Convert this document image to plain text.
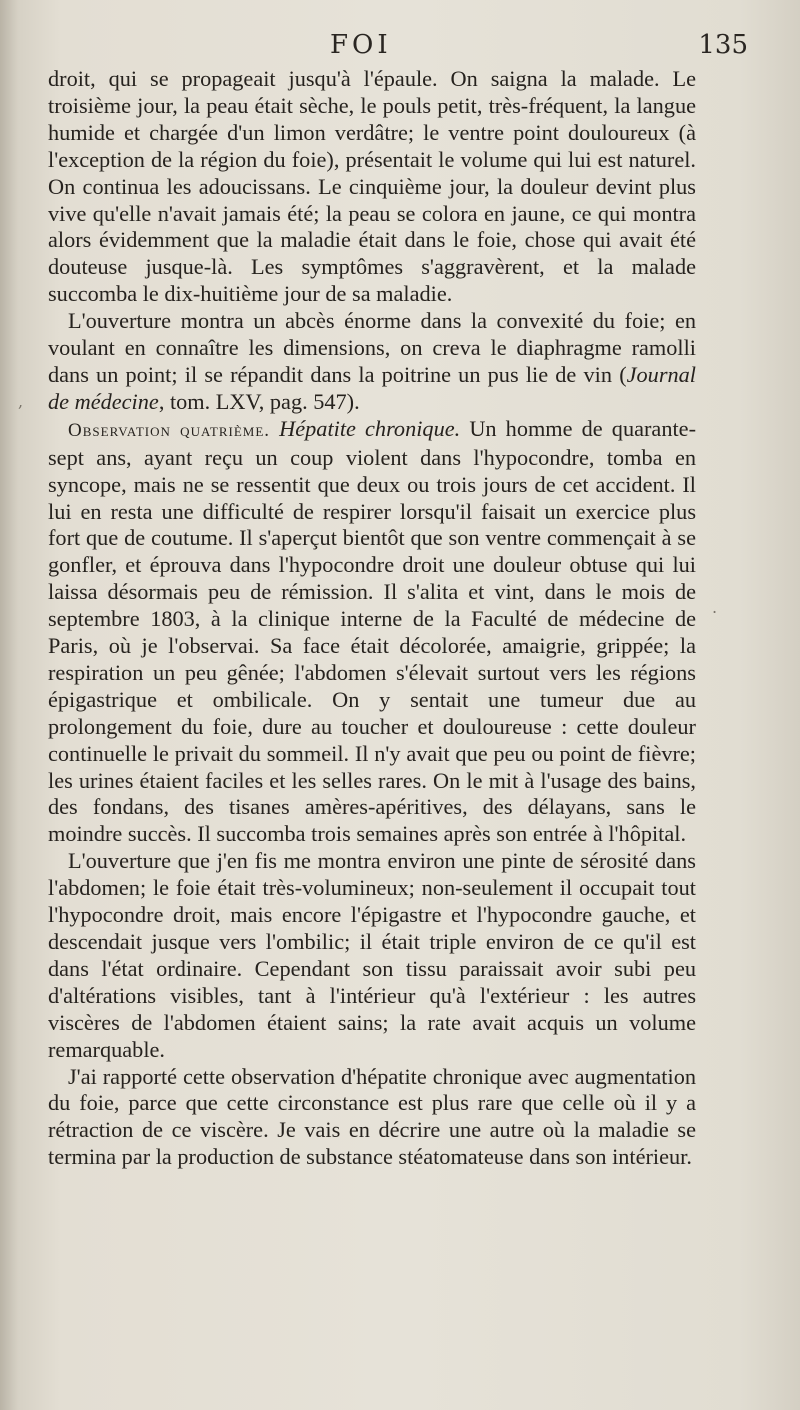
FOI	135
,
.

droit, qui se propageait jusqu'à l'épaule. On saigna la malade. Le troisième jour, la peau était sèche, le pouls petit, très-fréquent, la langue humide et chargée d'un limon verdâtre; le ventre point douloureux (à l'exception de la région du foie), présentait le volume qui lui est naturel. On continua les adoucissans. Le cinquième jour, la douleur devint plus vive qu'elle n'avait jamais été; la peau se colora en jaune, ce qui montra alors évidemment que la maladie était dans le foie, chose qui avait été douteuse jusque-là. Les symptômes s'aggravèrent, et la malade succomba le dix-huitième jour de sa maladie.

L'ouverture montra un abcès énorme dans la convexité du foie; en voulant en connaître les dimensions, on creva le diaphragme ramolli dans un point; il se répandit dans la poitrine un pus lie de vin (Journal de médecine, tom. LXV, pag. 547).

Observation quatrième. Hépatite chronique. Un homme de quarante-sept ans, ayant reçu un coup violent dans l'hypocondre, tomba en syncope, mais ne se ressentit que deux ou trois jours de cet accident. Il lui en resta une difficulté de respirer lorsqu'il faisait un exercice plus fort que de coutume. Il s'aperçut bientôt que son ventre commençait à se gonfler, et éprouva dans l'hypocondre droit une douleur obtuse qui lui laissa désormais peu de rémission. Il s'alita et vint, dans le mois de septembre 1803, à la clinique interne de la Faculté de médecine de Paris, où je l'observai. Sa face était décolorée, amaigrie, grippée; la respiration un peu gênée; l'abdomen s'élevait surtout vers les régions épigastrique et ombilicale. On y sentait une tumeur due au prolongement du foie, dure au toucher et douloureuse : cette douleur continuelle le privait du sommeil. Il n'y avait que peu ou point de fièvre; les urines étaient faciles et les selles rares. On le mit à l'usage des bains, des fondans, des tisanes amères-apéritives, des délayans, sans le moindre succès. Il succomba trois semaines après son entrée à l'hôpital.

L'ouverture que j'en fis me montra environ une pinte de sérosité dans l'abdomen; le foie était très-volumineux; non-seulement il occupait tout l'hypocondre droit, mais encore l'épigastre et l'hypocondre gauche, et descendait jusque vers l'ombilic; il était triple environ de ce qu'il est dans l'état ordinaire. Cependant son tissu paraissait avoir subi peu d'altérations visibles, tant à l'intérieur qu'à l'extérieur : les autres viscères de l'abdomen étaient sains; la rate avait acquis un volume remarquable.

J'ai rapporté cette observation d'hépatite chronique avec augmentation du foie, parce que cette circonstance est plus rare que celle où il y a rétraction de ce viscère. Je vais en décrire une autre où la maladie se termina par la production de substance stéatomateuse dans son intérieur.
